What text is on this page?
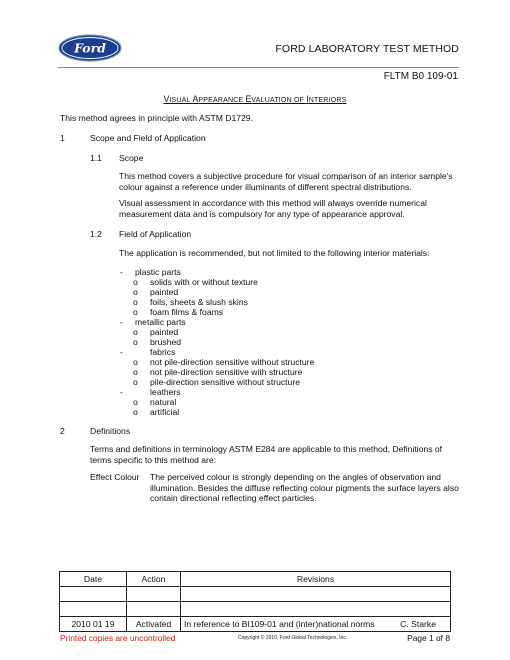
Ford	FORD LABORATORY TEST METHOD
FLTM B0 109-01
VISUAL APPEARANCE EVALUATION OF INTERIORS
This method agrees in principle with ASTM D1729.
1	Scope and Field of Application
1.1 Scope
This method covers a subjective procedure for visual comparison of an interior sample's colour against a reference under illuminants of different spectral distributions.
Visual assessment in accordance with this method will always override numerical measurement data and is compulsory for any type of appearance approval.
1.2 Field of Application
The application is recommended, but not limited to the following interior materials:
- plastic parts
o solids with or without texture
o painted
o foils, sheets & slush skins
o foam films & foams
- metallic parts
o painted
o brushed
-	fabrics
o not pile-direction sensitive without structure
o not pile-direction sensitive with structure
o pile-direction sensitive without structure
-	leathers
o natural
o artificial
2	Definitions
Terms and definitions in terminology ASTM E284 are applicable to this method. Definitions of terms specific to this method are:
Effect Colour The perceived colour is strongly depending on the angles of observation and illumination. Besides the diffuse reflecting colour pigments the surface layers also contain directional reflecting effect particles.
Date	Action	Revisions

2010 01 19	Activated	In reference to BI109-01 and (inter)national norms C. Starke
Printed copies are uncontrolled	Copyright © 2010, Ford Global Technologies, Inc.	Page 1 of 8
